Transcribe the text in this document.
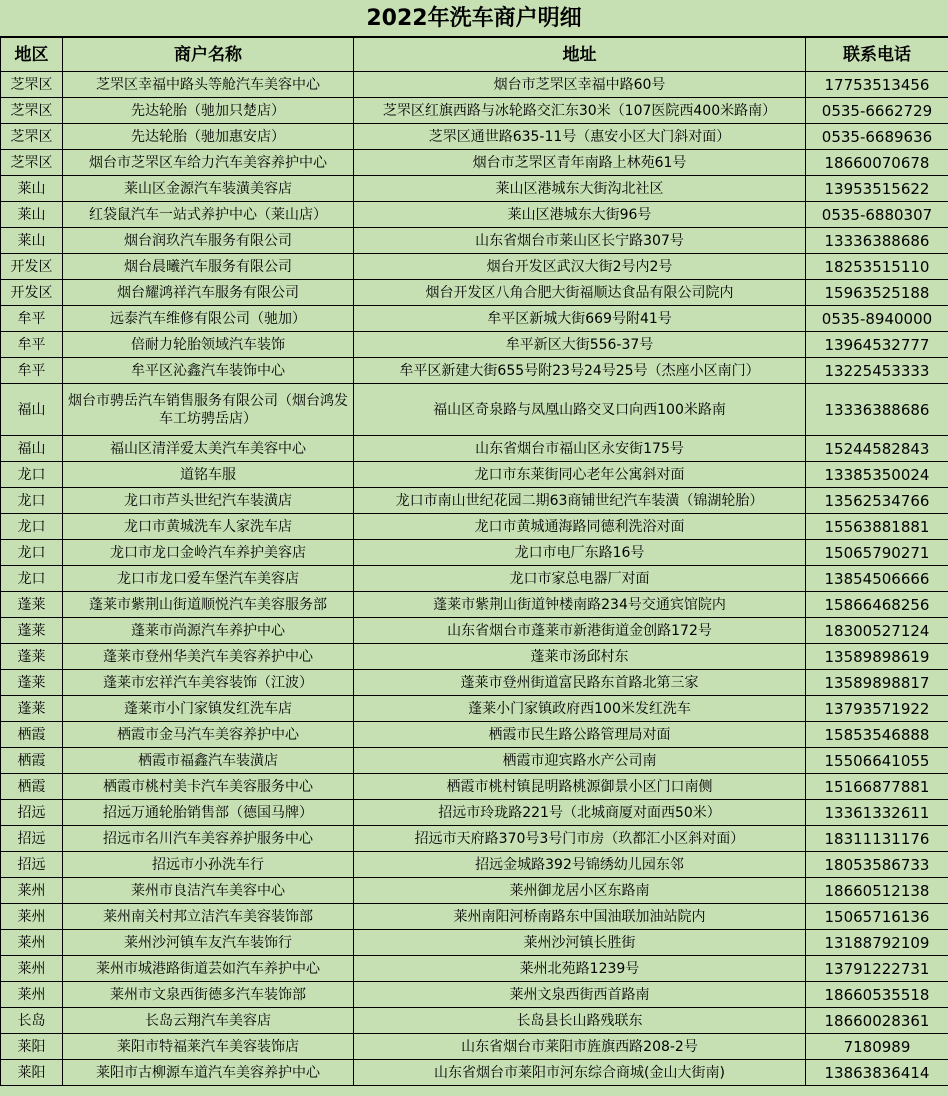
2022年洗车商户明细
地区	商户名称	地址	联系电话
芝罘区	芝罘区幸福中路头等舱汽车美容中心	烟台市芝罘区幸福中路60号	17753513456
芝罘区	先达轮胎（驰加只楚店）	芝罘区红旗西路与冰轮路交汇东30米（107医院西400米路南）	0535-6662729
芝罘区	先达轮胎（驰加惠安店）	芝罘区通世路635-11号（惠安小区大门斜对面）	0535-6689636
芝罘区	烟台市芝罘区车给力汽车美容养护中心	烟台市芝罘区青年南路上林苑61号	18660070678
莱山	莱山区金源汽车装潢美容店	莱山区港城东大街沟北社区	13953515622
莱山	红袋鼠汽车一站式养护中心（莱山店）	莱山区港城东大街96号	0535-6880307
莱山	烟台润玖汽车服务有限公司	山东省烟台市莱山区长宁路307号	13336388686
开发区	烟台晨曦汽车服务有限公司	烟台开发区武汉大街2号内2号	18253515110
开发区	烟台耀鸿祥汽车服务有限公司	烟台开发区八角合肥大街福顺达食品有限公司院内	15963525188
牟平	远泰汽车维修有限公司（驰加）	牟平区新城大街669号附41号	0535-8940000
牟平	倍耐力轮胎领域汽车装饰	牟平新区大街556-37号	13964532777
牟平	牟平区沁鑫汽车装饰中心	牟平区新建大街655号附23号24号25号（杰座小区南门）	13225453333
福山	烟台市骋岳汽车销售服务有限公司（烟台鸿发车工坊骋岳店）	福山区奇泉路与凤凰山路交叉口向西100米路南	13336388686
福山	福山区清洋爱太美汽车美容中心	山东省烟台市福山区永安街175号	15244582843
龙口	道铭车服	龙口市东莱街同心老年公寓斜对面	13385350024
龙口	龙口市芦头世纪汽车装潢店	龙口市南山世纪花园二期63商铺世纪汽车装潢（锦湖轮胎）	13562534766
龙口	龙口市黄城洗车人家洗车店	龙口市黄城通海路同德利洗浴对面	15563881881
龙口	龙口市龙口金岭汽车养护美容店	龙口市电厂东路16号	15065790271
龙口	龙口市龙口爱车堡汽车美容店	龙口市家总电器厂对面	13854506666
蓬莱	蓬莱市紫荆山街道顺悦汽车美容服务部	蓬莱市紫荆山街道钟楼南路234号交通宾馆院内	15866468256
蓬莱	蓬莱市尚源汽车养护中心	山东省烟台市蓬莱市新港街道金创路172号	18300527124
蓬莱	蓬莱市登州华美汽车美容养护中心	蓬莱市汤邱村东	13589898619
蓬莱	蓬莱市宏祥汽车美容装饰（江波）	蓬莱市登州街道富民路东首路北第三家	13589898817
蓬莱	蓬莱市小门家镇发红洗车店	蓬莱小门家镇政府西100米发红洗车	13793571922
栖霞	栖霞市金马汽车美容养护中心	栖霞市民生路公路管理局对面	15853546888
栖霞	栖霞市福鑫汽车装潢店	栖霞市迎宾路水产公司南	15506641055
栖霞	栖霞市桃村美卡汽车美容服务中心	栖霞市桃村镇昆明路桃源御景小区门口南侧	15166877881
招远	招远万通轮胎销售部（德国马牌）	招远市玲珑路221号（北城商厦对面西50米）	13361332611
招远	招远市名川汽车美容养护服务中心	招远市天府路370号3号门市房（玖都汇小区斜对面）	18311131176
招远	招远市小孙洗车行	招远金城路392号锦绣幼儿园东邻	18053586733
莱州	莱州市良洁汽车美容中心	莱州御龙居小区东路南	18660512138
莱州	莱州南关村邦立洁汽车美容装饰部	莱州南阳河桥南路东中国油联加油站院内	15065716136
莱州	莱州沙河镇车友汽车装饰行	莱州沙河镇长胜街	13188792109
莱州	莱州市城港路街道芸如汽车养护中心	莱州北苑路1239号	13791222731
莱州	莱州市文泉西街德多汽车装饰部	莱州文泉西街西首路南	18660535518
长岛	长岛云翔汽车美容店	长岛县长山路残联东	18660028361
莱阳	莱阳市特福莱汽车美容装饰店	山东省烟台市莱阳市旌旗西路208-2号	7180989
莱阳	莱阳市古柳源车道汽车美容养护中心	山东省烟台市莱阳市河东综合商城(金山大街南)	13863836414
